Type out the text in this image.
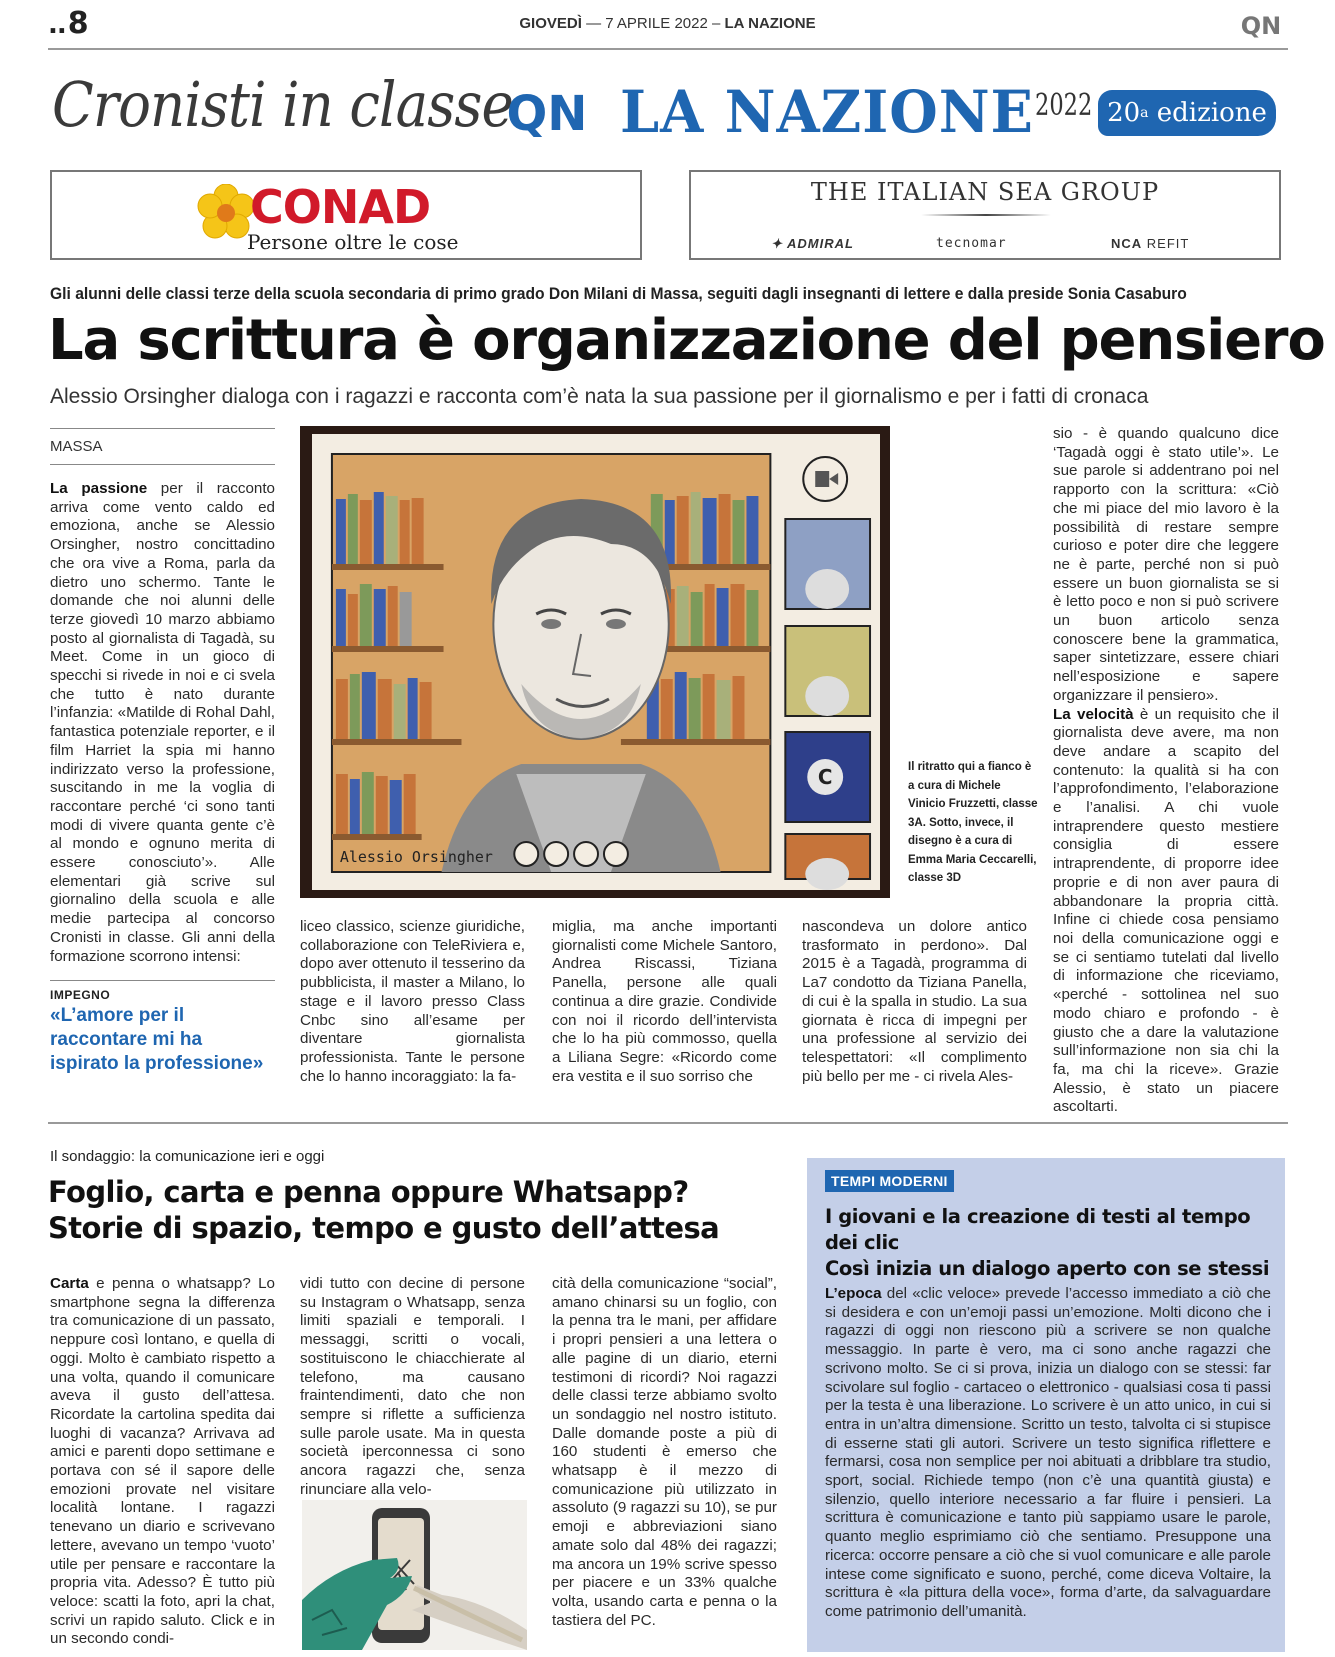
..8	GIOVEDÌ — 7 APRILE 2022 – LA NAZIONE	QN
Cronisti in classe
QN LA NAZIONE 2022 20 a
edizione
CONAD
Persone oltre le cose
THE ITALIAN SEA GROUP
✦ ADMIRAL	tecnomar	NCA REFIT
Gli alunni delle classi terze della scuola secondaria di primo grado Don Milani di Massa, seguiti dagli insegnanti di lettere e dalla preside Sonia Casaburo
La scrittura è organizzazione del pensiero
Alessio Orsingher dialoga con i ragazzi e racconta com’è nata la sua passione per il giornalismo e per i fatti di cronaca
MASSA
La passione per il racconto arriva come vento caldo ed emoziona, anche se Alessio Orsingher, nostro concittadino che ora vive a Roma, parla da dietro uno schermo. Tante le domande che noi alunni delle terze giovedì 10 marzo abbiamo posto al giornalista di Tagadà, su Meet. Come in un gioco di specchi si rivede in noi e ci svela che tutto è nato durante l’infanzia: «Matilde di Rohal Dahl, fantastica potenziale reporter, e il film Harriet la spia mi hanno indirizzato verso la professione, suscitando in me la voglia di raccontare perché ‘ci sono tanti modi di vivere quanta gente c’è al mondo e ognuno merita di essere conosciuto’». Alle elementari già scrive sul giornalino della scuola e alle medie partecipa al concorso Cronisti in classe. Gli anni della formazione scorrono intensi:
IMPEGNO
«L’amore per il raccontare mi ha ispirato la professione»
Alessio Orsingher
C	Il ritratto qui a fianco è a cura di Michele Vinicio Fruzzetti, classe 3A. Sotto, invece, il disegno è a cura di Emma Maria Ceccarelli, classe 3D
liceo classico, scienze giuridiche, collaborazione con TeleRiviera e, dopo aver ottenuto il tesserino da pubblicista, il master a Milano, lo stage e il lavoro presso Class Cnbc sino all’esame per diventare giornalista professionista. Tante le persone che lo hanno incoraggiato: la fa-
miglia, ma anche importanti giornalisti come Michele Santoro, Andrea Riscassi, Tiziana Panella, persone alle quali continua a dire grazie. Condivide con noi il ricordo dell’intervista che lo ha più commosso, quella a Liliana Segre: «Ricordo come era vestita e il suo sorriso che
nascondeva un dolore antico trasformato in perdono». Dal 2015 è a Tagadà, programma di La7 condotto da Tiziana Panella, di cui è la spalla in studio. La sua giornata è ricca di impegni per una professione al servizio dei telespettatori: «Il complimento più bello per me - ci rivela Ales-
sio - è quando qualcuno dice ‘Tagadà oggi è stato utile’». Le sue parole si addentrano poi nel rapporto con la scrittura: «Ciò che mi piace del mio lavoro è la possibilità di restare sempre curioso e poter dire che leggere ne è parte, perché non si può essere un buon giornalista se si è letto poco e non si può scrivere un buon articolo senza conoscere bene la grammatica, saper sintetizzare, essere chiari nell’esposizione e sapere organizzare il pensiero».
La velocità è un requisito che il giornalista deve avere, ma non deve andare a scapito del contenuto: la qualità si ha con l’approfondimento, l’elaborazione e l’analisi. A chi vuole intraprendere questo mestiere consiglia di essere intraprendente, di proporre idee proprie e di non aver paura di abbandonare la propria città. Infine ci chiede cosa pensiamo noi della comunicazione oggi e se ci sentiamo tutelati dal livello di informazione che riceviamo, «perché - sottolinea nel suo modo chiaro e profondo - è giusto che a dare la valutazione sull’informazione non sia chi la fa, ma chi la riceve». Grazie Alessio, è stato un piacere ascoltarti.
Il sondaggio: la comunicazione ieri e oggi
Foglio, carta e penna oppure Whatsapp?
Storie di spazio, tempo e gusto dell’attesa
Carta e penna o whatsapp? Lo smartphone segna la differenza tra comunicazione di un passato, neppure così lontano, e quella di oggi. Molto è cambiato rispetto a una volta, quando il comunicare aveva il gusto dell’attesa. Ricordate la cartolina spedita dai luoghi di vacanza? Arrivava ad amici e parenti dopo settimane e portava con sé il sapore delle emozioni provate nel visitare località lontane. I ragazzi tenevano un diario e scrivevano lettere, avevano un tempo ‘vuoto’ utile per pensare e raccontare la propria vita. Adesso? È tutto più veloce: scatti la foto, apri la chat, scrivi un rapido saluto. Click e in un secondo condi-
vidi tutto con decine di persone su Instagram o Whatsapp, senza limiti spaziali e temporali. I messaggi, scritti o vocali, sostituiscono le chiacchierate al telefono, ma causano fraintendimenti, dato che non sempre si riflette a sufficienza sulle parole usate. Ma in questa società iperconnessa ci sono ancora ragazzi che, senza rinunciare alla velo-
cità della comunicazione “social”, amano chinarsi su un foglio, con la penna tra le mani, per affidare i propri pensieri a una lettera o alle pagine di un diario, eterni testimoni di ricordi? Noi ragazzi delle classi terze abbiamo svolto un sondaggio nel nostro istituto. Dalle domande poste a più di 160 studenti è emerso che whatsapp è il mezzo di comunicazione più utilizzato in assoluto (9 ragazzi su 10), se pur emoji e abbreviazioni siano amate solo dal 48% dei ragazzi; ma ancora un 19% scrive spesso per piacere e un 33% qualche volta, usando carta e penna o la tastiera del PC.
TEMPI MODERNI
I giovani e la creazione di testi al tempo dei clic
Così inizia un dialogo aperto con se stessi
L’epoca del «clic veloce» prevede l’accesso immediato a ciò che si desidera e con un’emoji passi un’emozione. Molti dicono che i ragazzi di oggi non riescono più a scrivere se non qualche messaggio. In parte è vero, ma ci sono anche ragazzi che scrivono molto. Se ci si prova, inizia un dialogo con se stessi: far scivolare sul foglio - cartaceo o elettronico - qualsiasi cosa ti passi per la testa è una liberazione. Lo scrivere è un atto unico, in cui si entra in un’altra dimensione. Scritto un testo, talvolta ci si stupisce di esserne stati gli autori. Scrivere un testo significa riflettere e fermarsi, cosa non semplice per noi abituati a dribblare tra studio, sport, social. Richiede tempo (non c’è una quantità giusta) e silenzio, quello interiore necessario a far fluire i pensieri. La scrittura è comunicazione e tanto più sappiamo usare le parole, quanto meglio esprimiamo ciò che sentiamo. Presuppone una ricerca: occorre pensare a ciò che si vuol comunicare e alle parole intese come significato e suono, perché, come diceva Voltaire, la scrittura è «la pittura della voce», forma d’arte, da salvaguardare come patrimonio dell’umanità.
